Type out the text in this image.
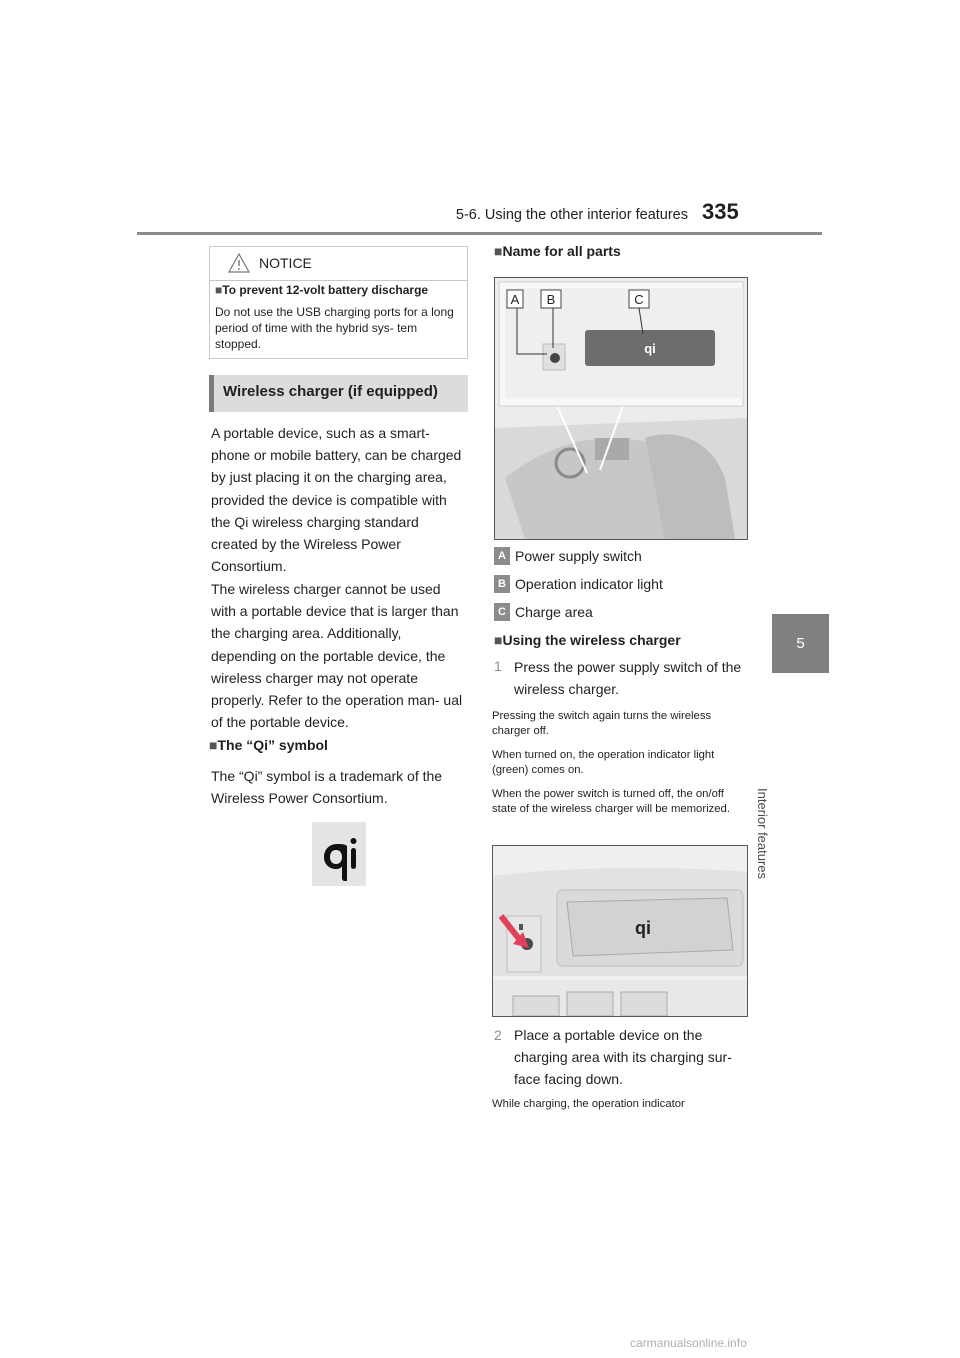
5-6. Using the other interior features 335
5
Interior features
NOTICE
■To prevent 12-volt battery discharge
Do not use the USB charging ports for a long period of time with the hybrid sys- tem stopped.
Wireless charger (if equipped)
A portable device, such as a smart- phone or mobile battery, can be charged by just placing it on the charging area, provided the device is compatible with the Qi wireless charging standard created by the Wireless Power Consortium.
The wireless charger cannot be used with a portable device that is larger than the charging area. Additionally, depending on the portable device, the wireless charger may not operate properly. Refer to the operation man- ual of the portable device.
■The “Qi” symbol
The “Qi” symbol is a trademark of the Wireless Power Consortium.
■Name for all parts
qi
A B	C
A Power supply switch
B Operation indicator light
C Charge area
■Using the wireless charger
1 Press the power supply switch of the wireless charger.
Pressing the switch again turns the wireless charger off.
When turned on, the operation indicator light (green) comes on.
When the power switch is turned off, the on/off state of the wireless charger will be memorized.
qi
2 Place a portable device on the charging area with its charging sur- face facing down.
While charging, the operation indicator
carmanualsonline.info
